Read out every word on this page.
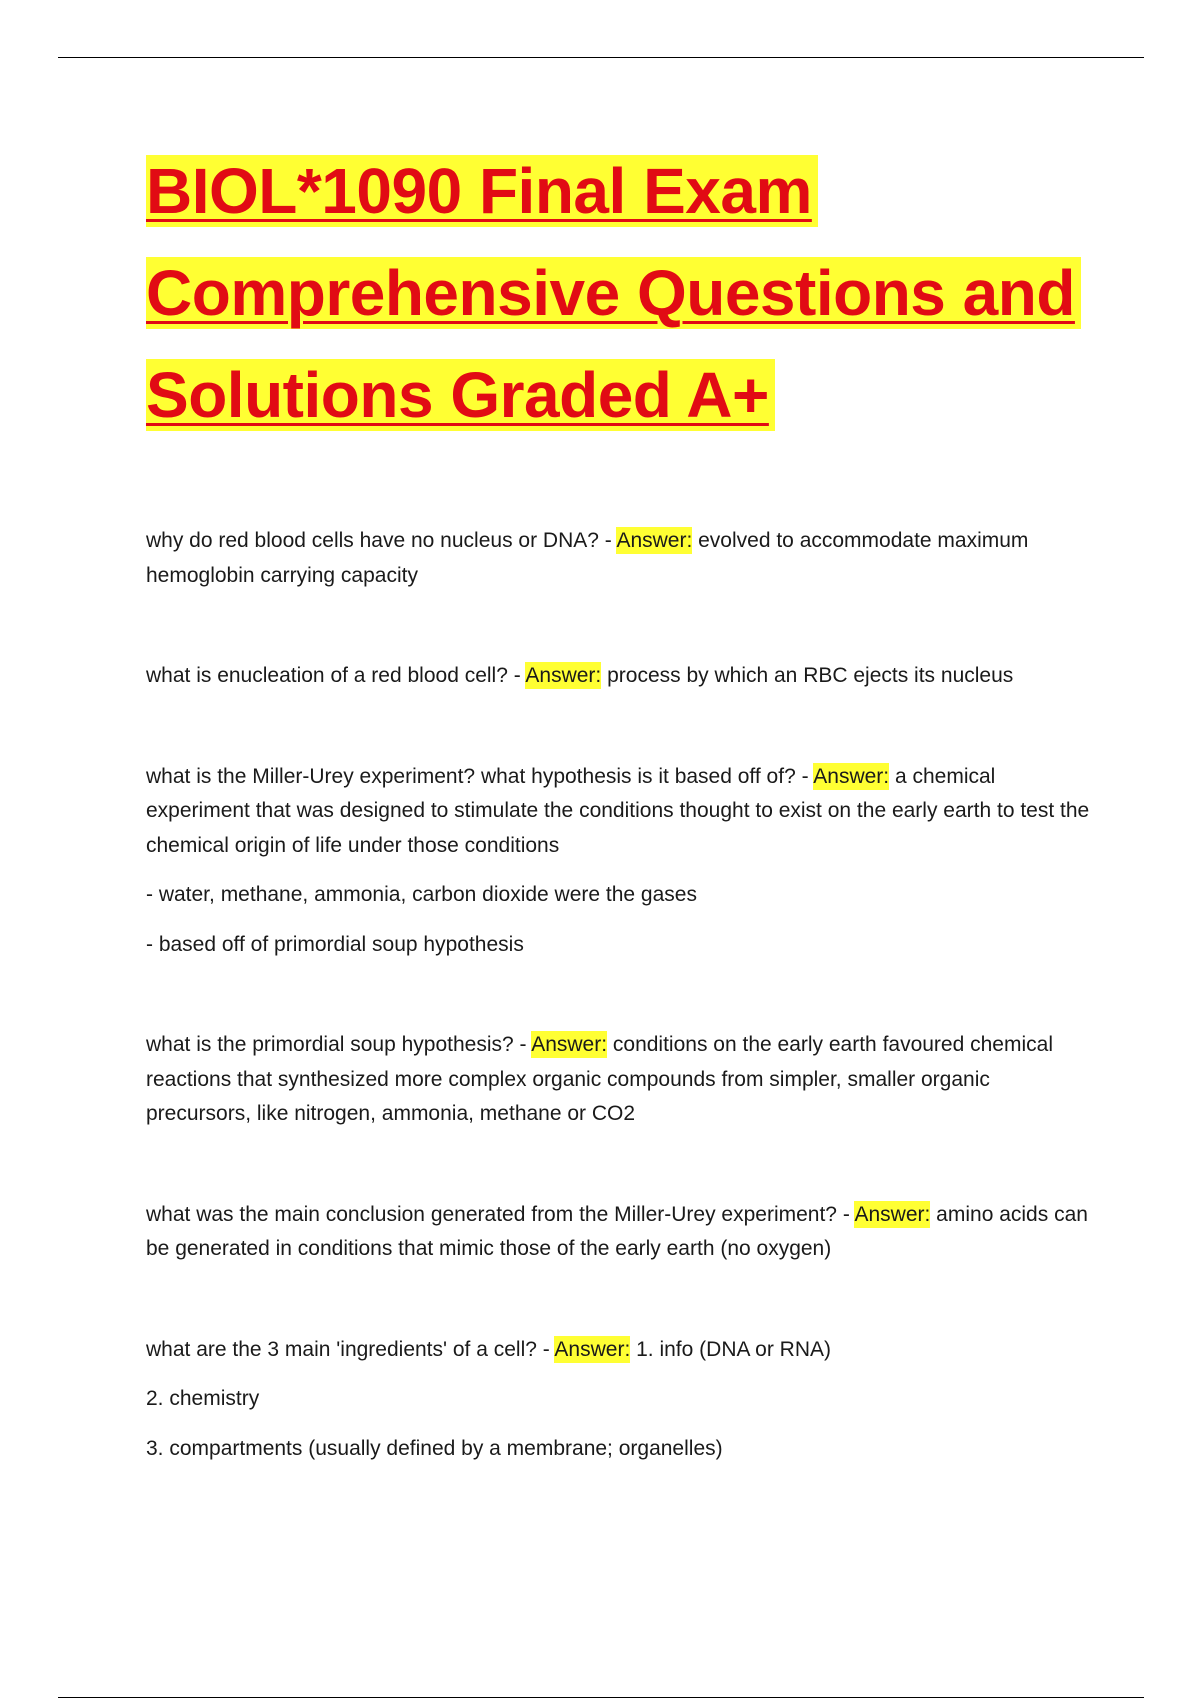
BIOL*1090 Final Exam
Comprehensive Questions and
Solutions Graded A+

why do red blood cells have no nucleus or DNA? - Answer: evolved to accommodate maximum hemoglobin carrying capacity

what is enucleation of a red blood cell? - Answer: process by which an RBC ejects its nucleus

what is the Miller-Urey experiment? what hypothesis is it based off of? - Answer: a chemical experiment that was designed to stimulate the conditions thought to exist on the early earth to test the chemical origin of life under those conditions

- water, methane, ammonia, carbon dioxide were the gases

- based off of primordial soup hypothesis

what is the primordial soup hypothesis? - Answer: conditions on the early earth favoured chemical reactions that synthesized more complex organic compounds from simpler, smaller organic precursors, like nitrogen, ammonia, methane or CO2

what was the main conclusion generated from the Miller-Urey experiment? - Answer: amino acids can be generated in conditions that mimic those of the early earth (no oxygen)

what are the 3 main 'ingredients' of a cell? - Answer: 1. info (DNA or RNA)

2. chemistry

3. compartments (usually defined by a membrane; organelles)
